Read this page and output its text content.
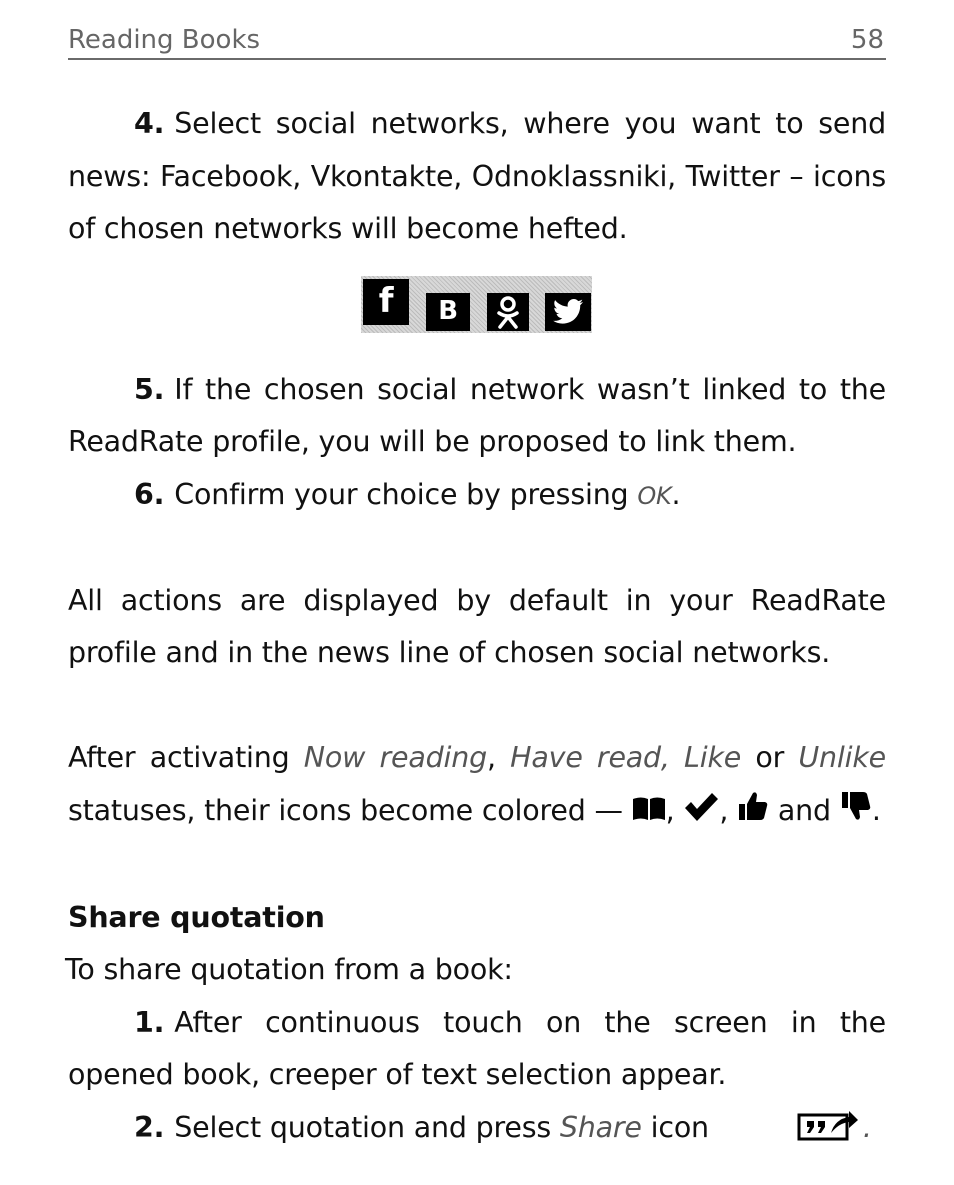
Reading Books	58

4. Select social networks, where you want to send news: Facebook, Vkontakte, Odnoklassniki, Twitter – icons of chosen networks will become hefted.

f B

5. If the chosen social network wasn’t linked to the ReadRate profile, you will be proposed to link them.

6. Confirm your choice by pressing OK.

All actions are displayed by default in your ReadRate profile and in the news line of chosen social networks.

After activating Now reading, Have read, Like or Unlike statuses, their icons become colored — , ,  and .

Share quotation

To share quotation from a book:

1. After continuous touch on the screen in the opened book, creeper of text selection appear.

2. Select quotation and press Share icon	.
